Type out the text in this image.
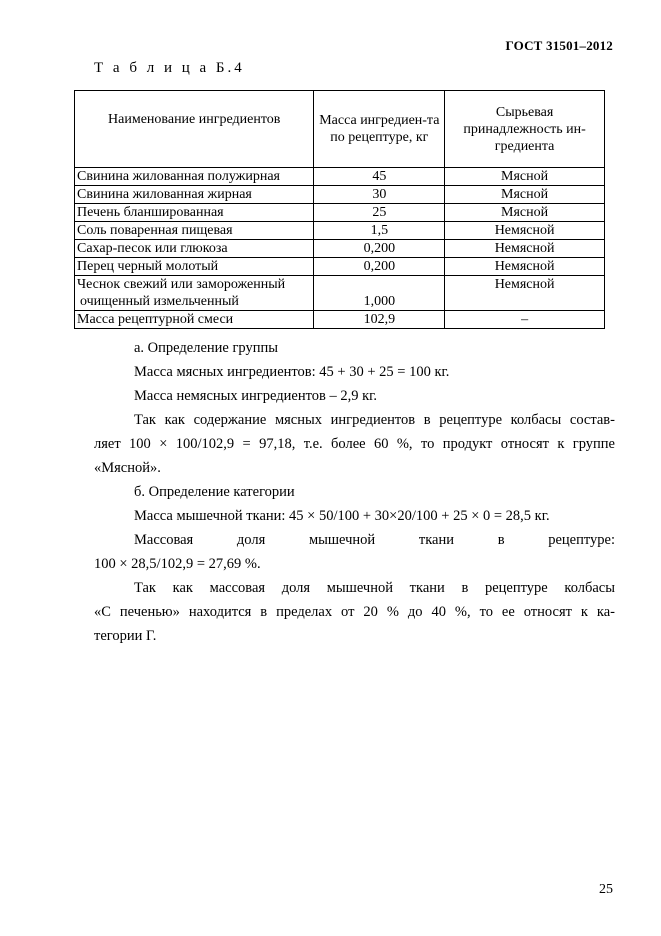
ГОСТ 31501–2012
Т а б л и ц а Б.4
Наименование ингредиентов	Масса ингредиен-та по рецептуре, кг	Сырьевая принадлежность ин-гредиента
Свинина жилованная полужирная	45	Мясной
Свинина жилованная жирная	30	Мясной
Печень бланшированная	25	Мясной
Соль поваренная пищевая	1,5	Немясной
Сахар-песок или глюкоза	0,200	Немясной
Перец черный молотый	0,200	Немясной

Чеснок свежий или замороженный
очищенный измельченный	1,000	Немясной
Масса рецептурной смеси	102,9	–

а. Определение группы

Масса мясных ингредиентов: 45 + 30 + 25 = 100 кг.

Масса немясных ингредиентов – 2,9 кг.

Так как содержание мясных ингредиентов в рецептуре колбасы состав-

ляет 100 × 100/102,9 = 97,18, т.е. более 60 %, то продукт относят к группе

«Мясной».

б. Определение категории

Масса мышечной ткани: 45 × 50/100 + 30×20/100 + 25 × 0 = 28,5 кг.

Массовая доля мышечной ткани в рецептуре:

100 × 28,5/102,9 = 27,69 %.

Так как массовая доля мышечной ткани в рецептуре колбасы

«С печенью» находится в пределах от 20 % до 40 %, то ее относят к ка-

тегории Г.

25
